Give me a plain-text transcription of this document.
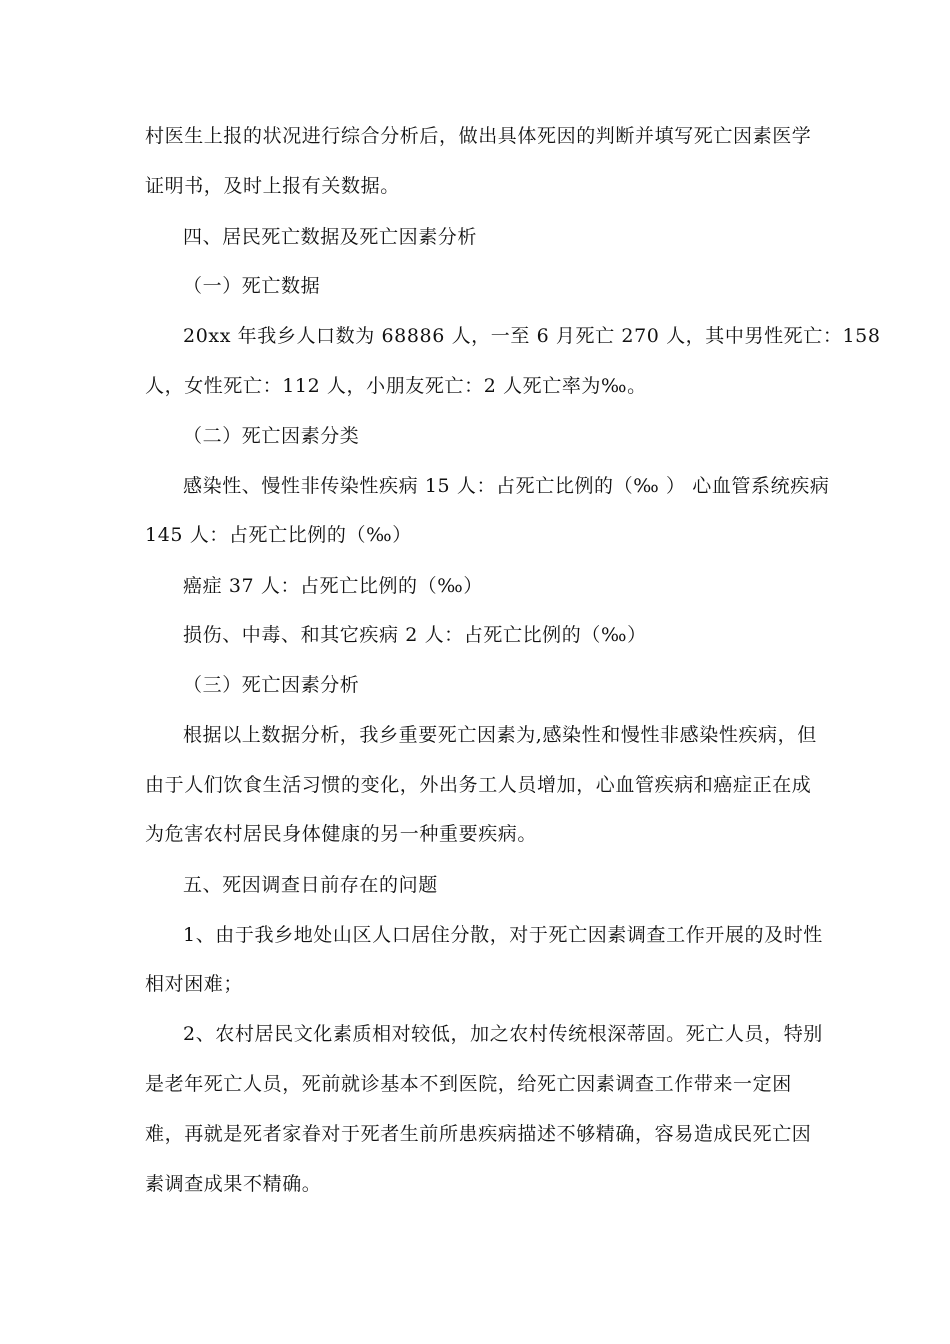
村医生上报的状况进行综合分析后，做出具体死因的判断并填写死亡因素医学
证明书，及时上报有关数据。
四、居民死亡数据及死亡因素分析
（一）死亡数据
20xx 年我乡人口数为 68886 人，一至 6 月死亡 270 人，其中男性死亡：158
人，女性死亡：112 人，小朋友死亡：2 人死亡率为‰。
（二）死亡因素分类
感染性、慢性非传染性疾病 15 人：占死亡比例的（‰ ） 心血管系统疾病
145 人：占死亡比例的（‰）
癌症 37 人：占死亡比例的（‰）
损伤、中毒、和其它疾病 2 人：占死亡比例的（‰）
（三）死亡因素分析
根据以上数据分析，我乡重要死亡因素为,感染性和慢性非感染性疾病，但
由于人们饮食生活习惯的变化，外出务工人员增加，心血管疾病和癌症正在成
为危害农村居民身体健康的另一种重要疾病。
五、死因调查日前存在的问题
1、由于我乡地处山区人口居住分散，对于死亡因素调查工作开展的及时性
相对困难；
2、农村居民文化素质相对较低，加之农村传统根深蒂固。死亡人员，特别
是老年死亡人员，死前就诊基本不到医院，给死亡因素调查工作带来一定困
难，再就是死者家眷对于死者生前所患疾病描述不够精确，容易造成民死亡因
素调查成果不精确。
